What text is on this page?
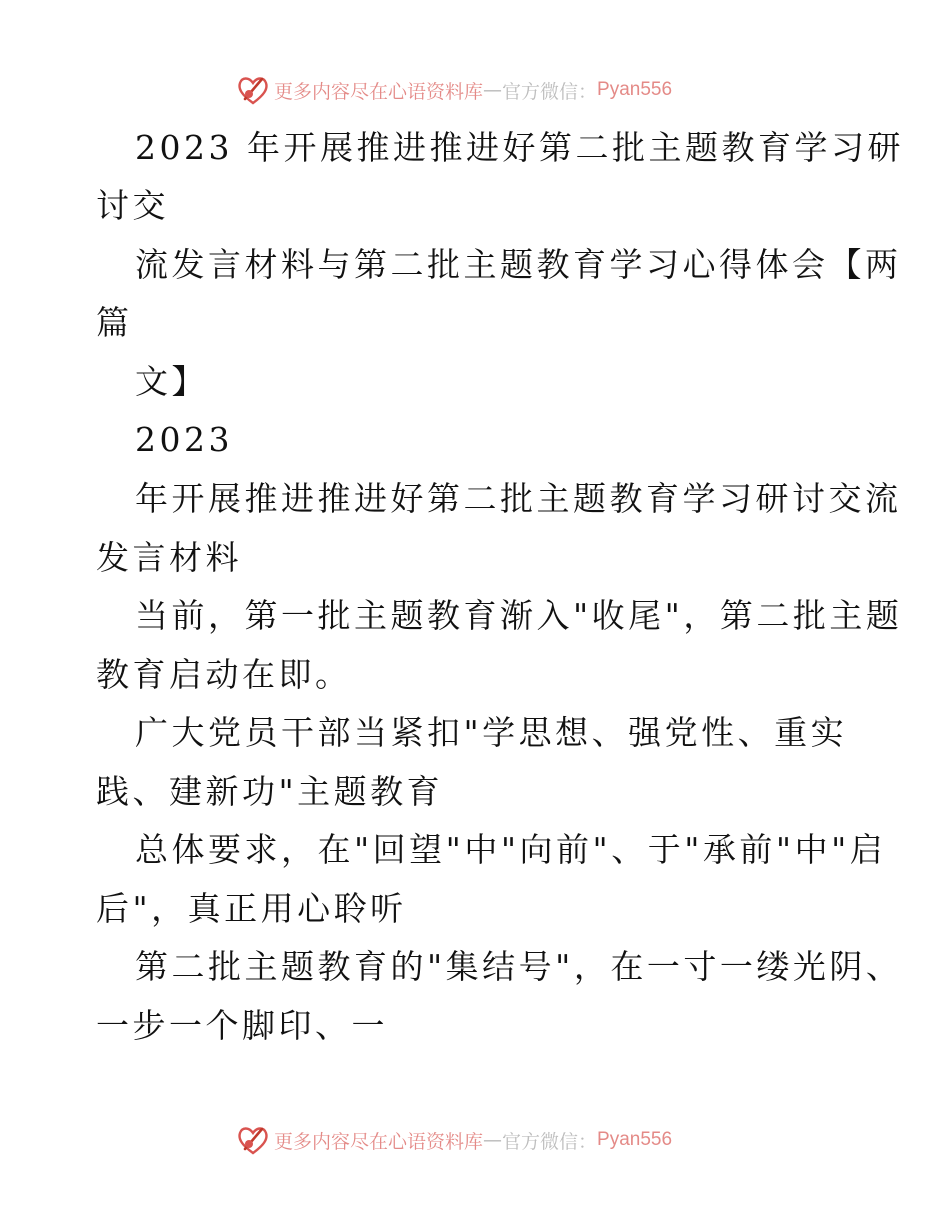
更多内容尽在心语资料库 — 官方微信： Pyan556
2023 年开展推进推进好第二批主题教育学习研
讨交
流发言材料与第二批主题教育学习心得体会【两
篇
文】
2023
年开展推进推进好第二批主题教育学习研讨交流
发言材料
当前，第一批主题教育渐入"收尾"，第二批主题
教育启动在即。
广大党员干部当紧扣"学思想、强党性、重实
践、建新功"主题教育
总体要求，在"回望"中"向前"、于"承前"中"启
后"，真正用心聆听
第二批主题教育的"集结号"，在一寸一缕光阴、
一步一个脚印、一
更多内容尽在心语资料库 — 官方微信： Pyan556
